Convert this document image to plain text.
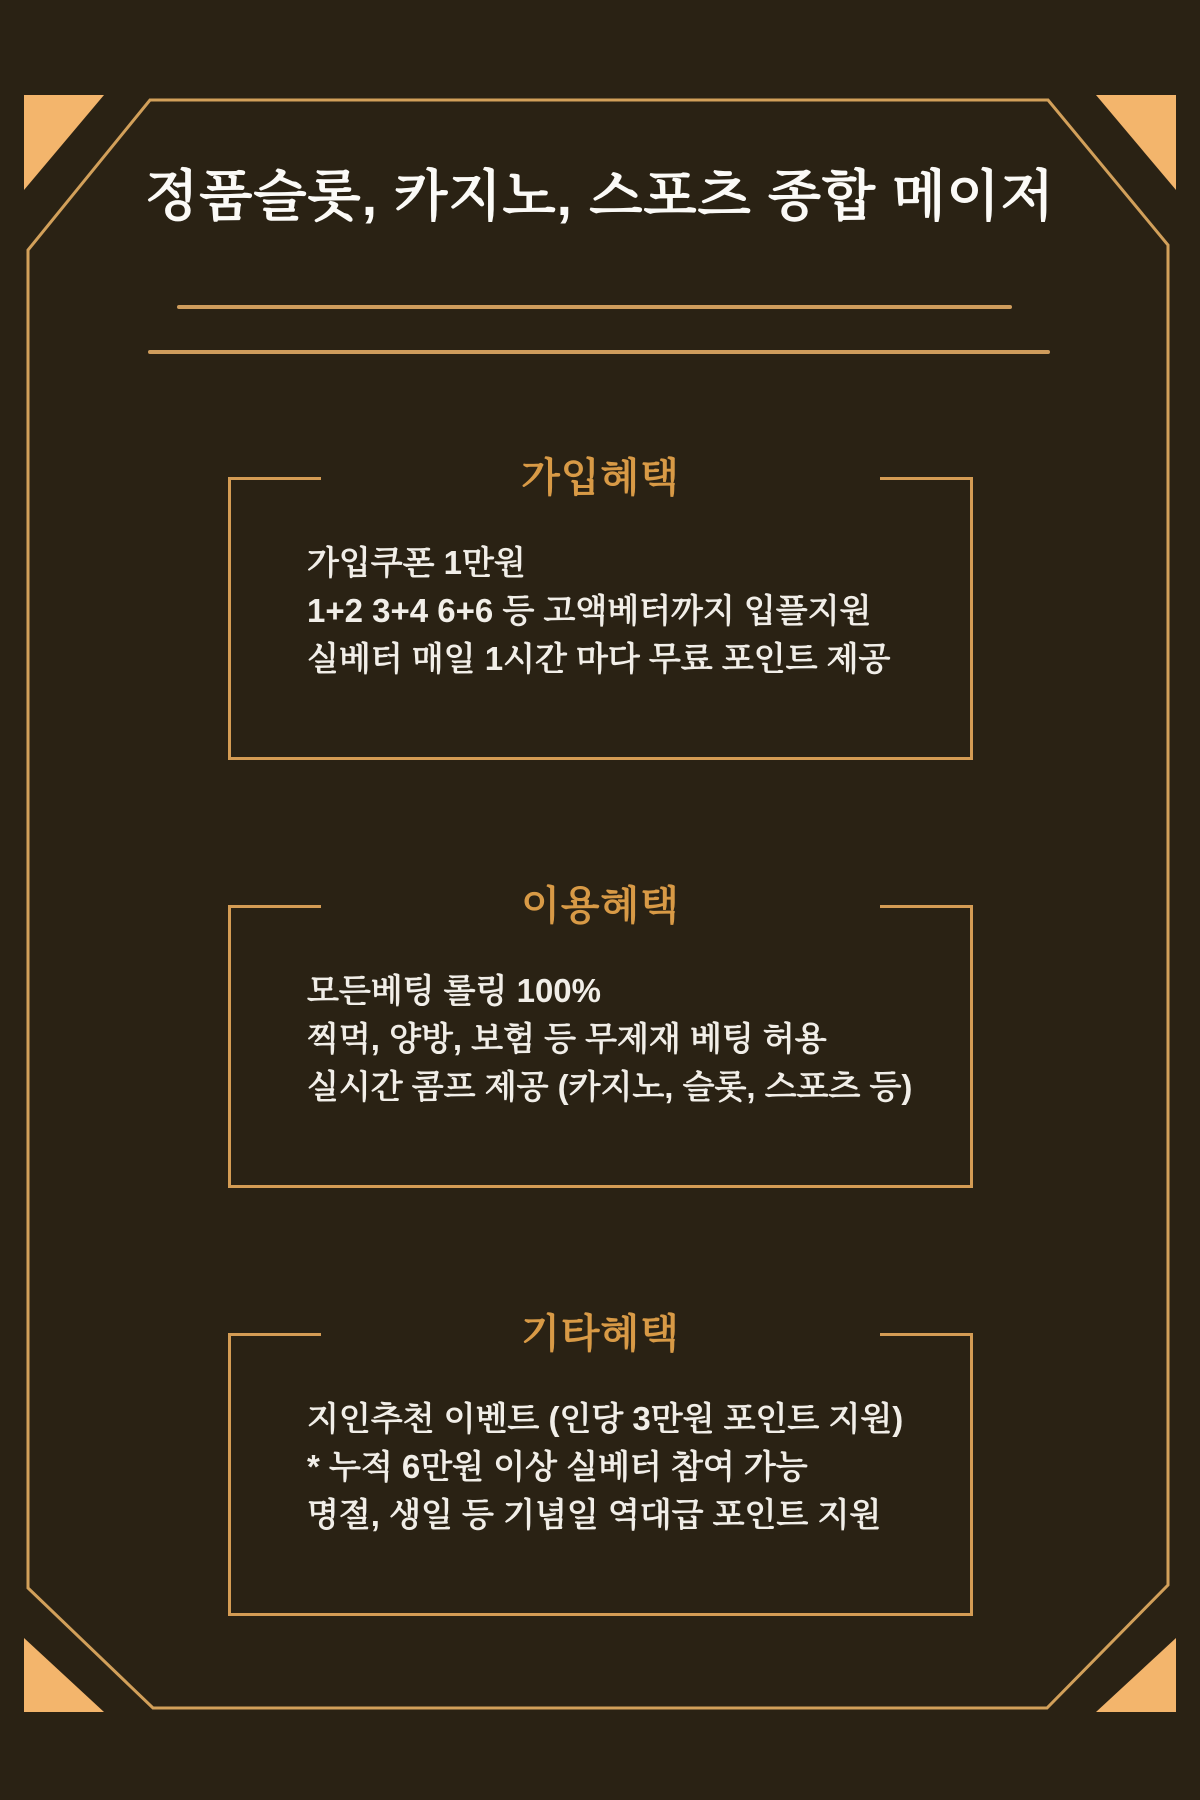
정품슬롯, 카지노, 스포츠 종합 메이저
가입혜택

가입쿠폰 1만원

1+2 3+4 6+6 등 고액베터까지 입플지원

실베터 매일 1시간 마다 무료 포인트 제공

이용혜택

모든베팅 롤링 100%

찍먹, 양방, 보험 등 무제재 베팅 허용

실시간 콤프 제공 (카지노, 슬롯, 스포츠 등)

기타혜택

지인추천 이벤트 (인당 3만원 포인트 지원)

* 누적 6만원 이상 실베터 참여 가능

명절, 생일 등 기념일 역대급 포인트 지원
